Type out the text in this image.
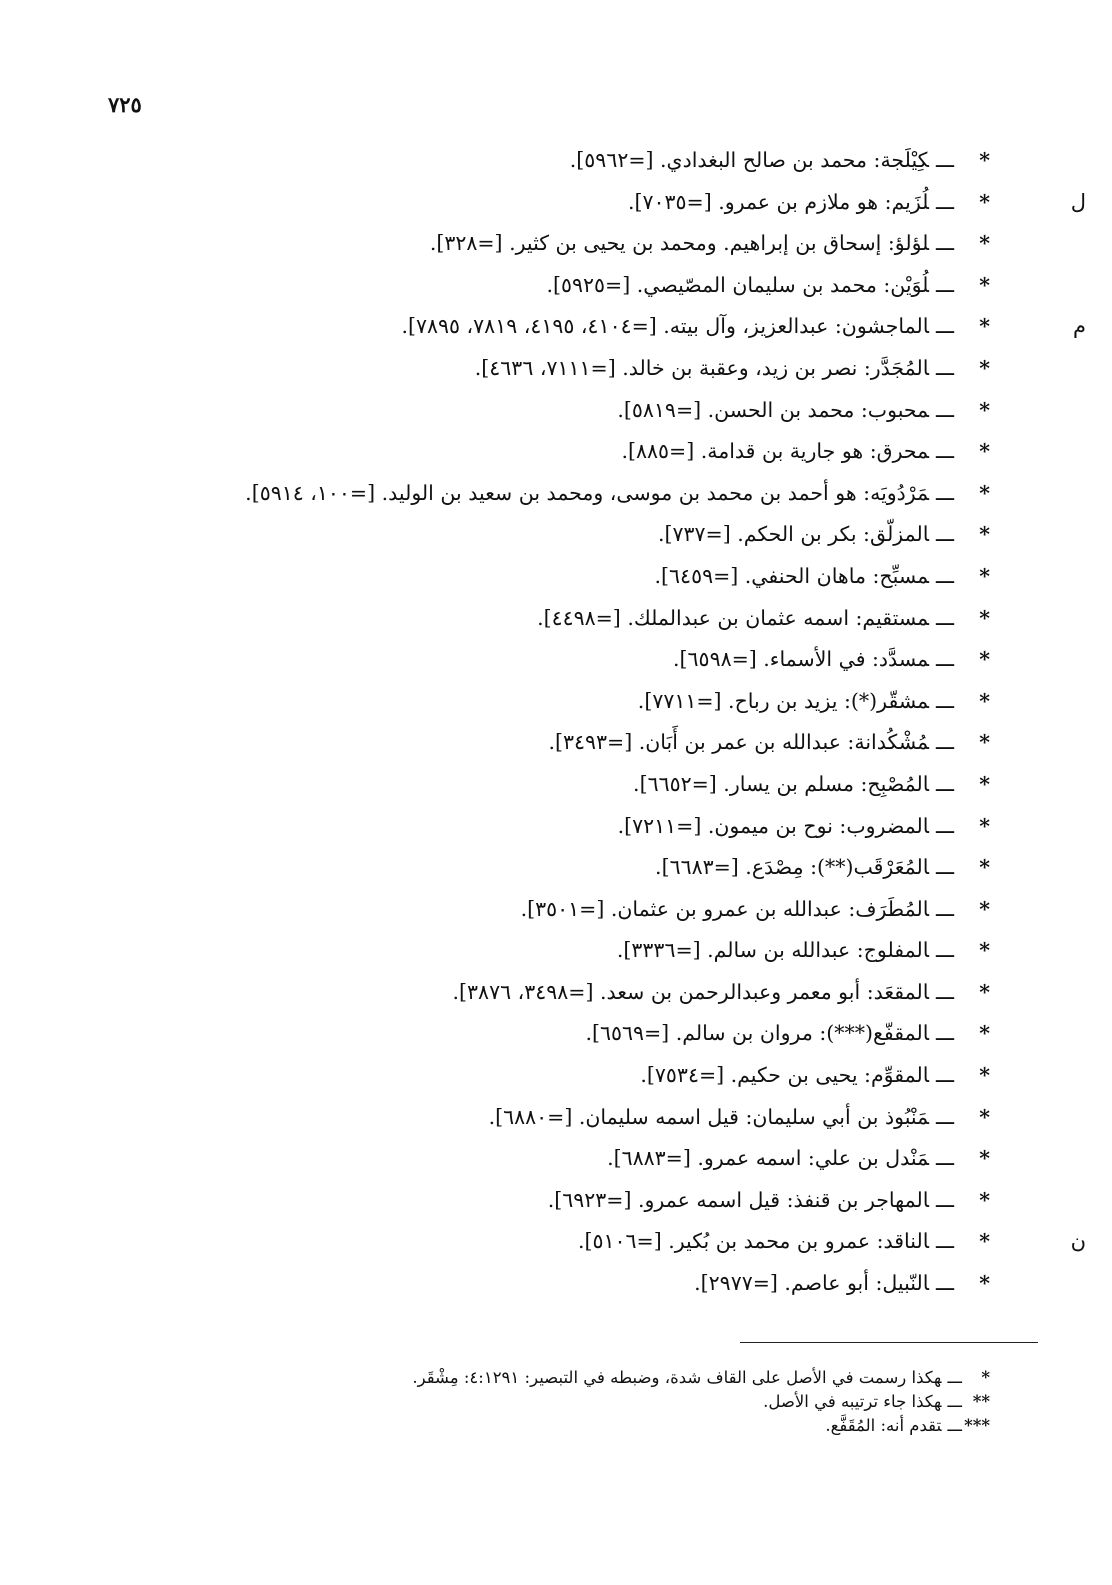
٧٢٥
*ـــكِيْلَجة: محمد بن صالح البغدادي. [=٥٩٦٢].
*ـــلُزَيم: هو ملازم بن عمرو. [=٧٠٣٥].	ل
*ـــلؤلؤ: إسحاق بن إبراهيم. ومحمد بن يحيى بن كثير. [=٣٢٨].
*ـــلُوَيْن: محمد بن سليمان المصّيصي. [=٥٩٢٥].
*ـــالماجشون: عبدالعزيز، وآل بيته. [=٤١٠٤، ٤١٩٥، ٧٨١٩، ٧٨٩٥].	م
*ـــالمُجَدَّر: نصر بن زيد، وعقبة بن خالد. [=٧١١١، ٤٦٣٦].
*ـــمحبوب: محمد بن الحسن. [=٥٨١٩].
*ـــمحرق: هو جارية بن قدامة. [=٨٨٥].
*ـــمَرْدُويَه: هو أحمد بن محمد بن موسى، ومحمد بن سعيد بن الوليد. [=١٠٠، ٥٩١٤].
*ـــالمزلّق: بكر بن الحكم. [=٧٣٧].
*ـــمسبِّح: ماهان الحنفي. [=٦٤٥٩].
*ـــمستقيم: اسمه عثمان بن عبدالملك. [=٤٤٩٨].
*ـــمسدَّد: في الأسماء. [=٦٥٩٨].
*ـــمشقّر(*): يزيد بن رباح. [=٧٧١١].
*ـــمُشْكُدانة: عبدالله بن عمر بن أَبَان. [=٣٤٩٣].
*ـــالمُصْبِح: مسلم بن يسار. [=٦٦٥٢].
*ـــالمضروب: نوح بن ميمون. [=٧٢١١].
*ـــالمُعَرْقَب(**): مِصْدَع. [=٦٦٨٣].
*ـــالمُطَرَف: عبدالله بن عمرو بن عثمان. [=٣٥٠١].
*ـــالمفلوج: عبدالله بن سالم. [=٣٣٣٦].
*ـــالمقعَد: أبو معمر وعبدالرحمن بن سعد. [=٣٤٩٨، ٣٨٧٦].
*ـــالمقفّع(***): مروان بن سالم. [=٦٥٦٩].
*ـــالمقوِّم: يحيى بن حكيم. [=٧٥٣٤].
*ـــمَنْبُوذ بن أبي سليمان: قيل اسمه سليمان. [=٦٨٨٠].
*ـــمَنْدل بن علي: اسمه عمرو. [=٦٨٨٣].
*ـــالمهاجر بن قنفذ: قيل اسمه عمرو. [=٦٩٢٣].
*ـــالناقد: عمرو بن محمد بن بُكير. [=٥١٠٦].	ن
*ـــالنّبيل: أبو عاصم. [=٢٩٧٧].
*ـــهكذا رسمت في الأصل على القاف شدة، وضبطه في التبصير: ٤:١٢٩١: مِشْقَر.
**ـــهكذا جاء ترتيبه في الأصل.
***ـــتقدم أنه: المُقَفَّع.
